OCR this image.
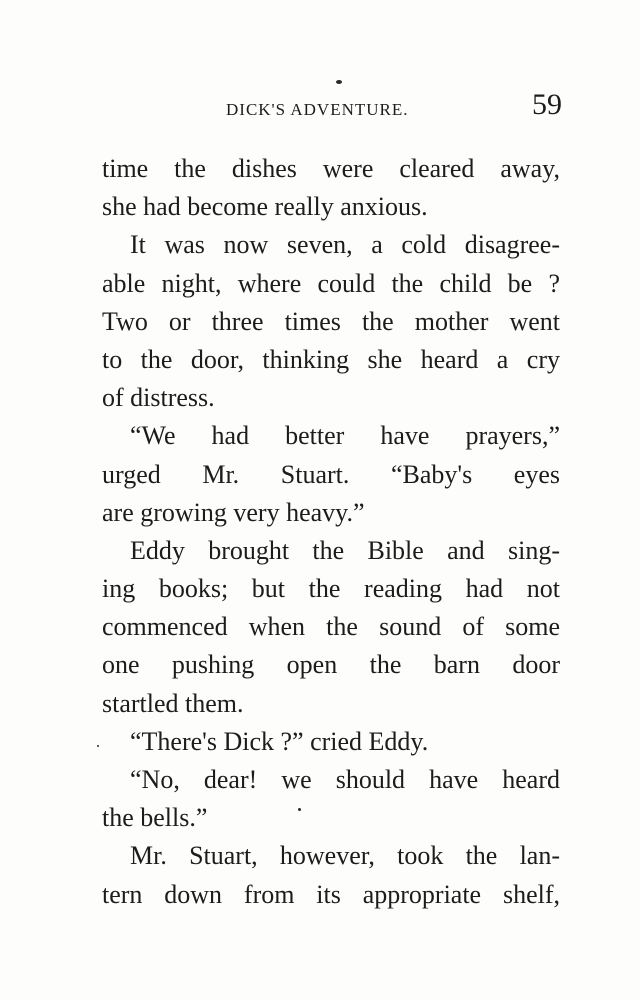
DICK'S ADVENTURE.	59
time the dishes were cleared away,
she had become really anxious.
It was now seven, a cold disagree-
able night, where could the child be ?
Two or three times the mother went
to the door, thinking she heard a cry
of distress.
“We had better have prayers,”
urged Mr. Stuart. “Baby's eyes
are growing very heavy.”
Eddy brought the Bible and sing-
ing books; but the reading had not
commenced when the sound of some
one pushing open the barn door
startled them.
“There's Dick ?” cried Eddy.
“No, dear! we should have heard
the bells.”
Mr. Stuart, however, took the lan-
tern down from its appropriate shelf,
